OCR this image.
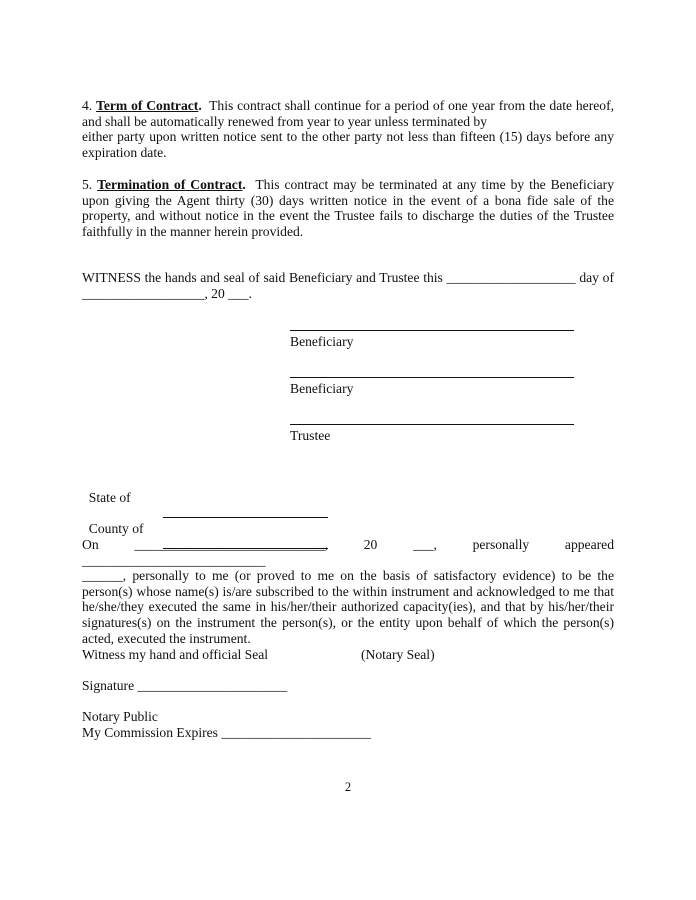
4. Term of Contract. This contract shall continue for a period of one year from the date hereof, and shall be automatically renewed from year to year unless terminated by
either party upon written notice sent to the other party not less than fifteen (15) days before any expiration date.
5. Termination of Contract. This contract may be terminated at any time by the Beneficiary upon giving the Agent thirty (30) days written notice in the event of a bona fide sale of the property, and without notice in the event the Trustee fails to discharge the duties of the Trustee faithfully in the manner herein provided.
WITNESS the hands and seal of said Beneficiary and Trustee this ___________________ day of
__________________, 20 ___.
Beneficiary
Beneficiary
Trustee

State of

County of

On ____________________________, 20 ___, personally appeared ___________________________
______, personally to me (or proved to me on the basis of satisfactory evidence) to be the person(s) whose name(s) is/are subscribed to the within instrument and acknowledged to me that he/she/they executed the same in his/her/their authorized capacity(ies), and that by his/her/their signatures(s) on the instrument the person(s), or the entity upon behalf of which the person(s) acted, executed the instrument.
Witness my hand and official Seal	(Notary Seal)
Signature ______________________
Notary Public
My Commission Expires ______________________
2
